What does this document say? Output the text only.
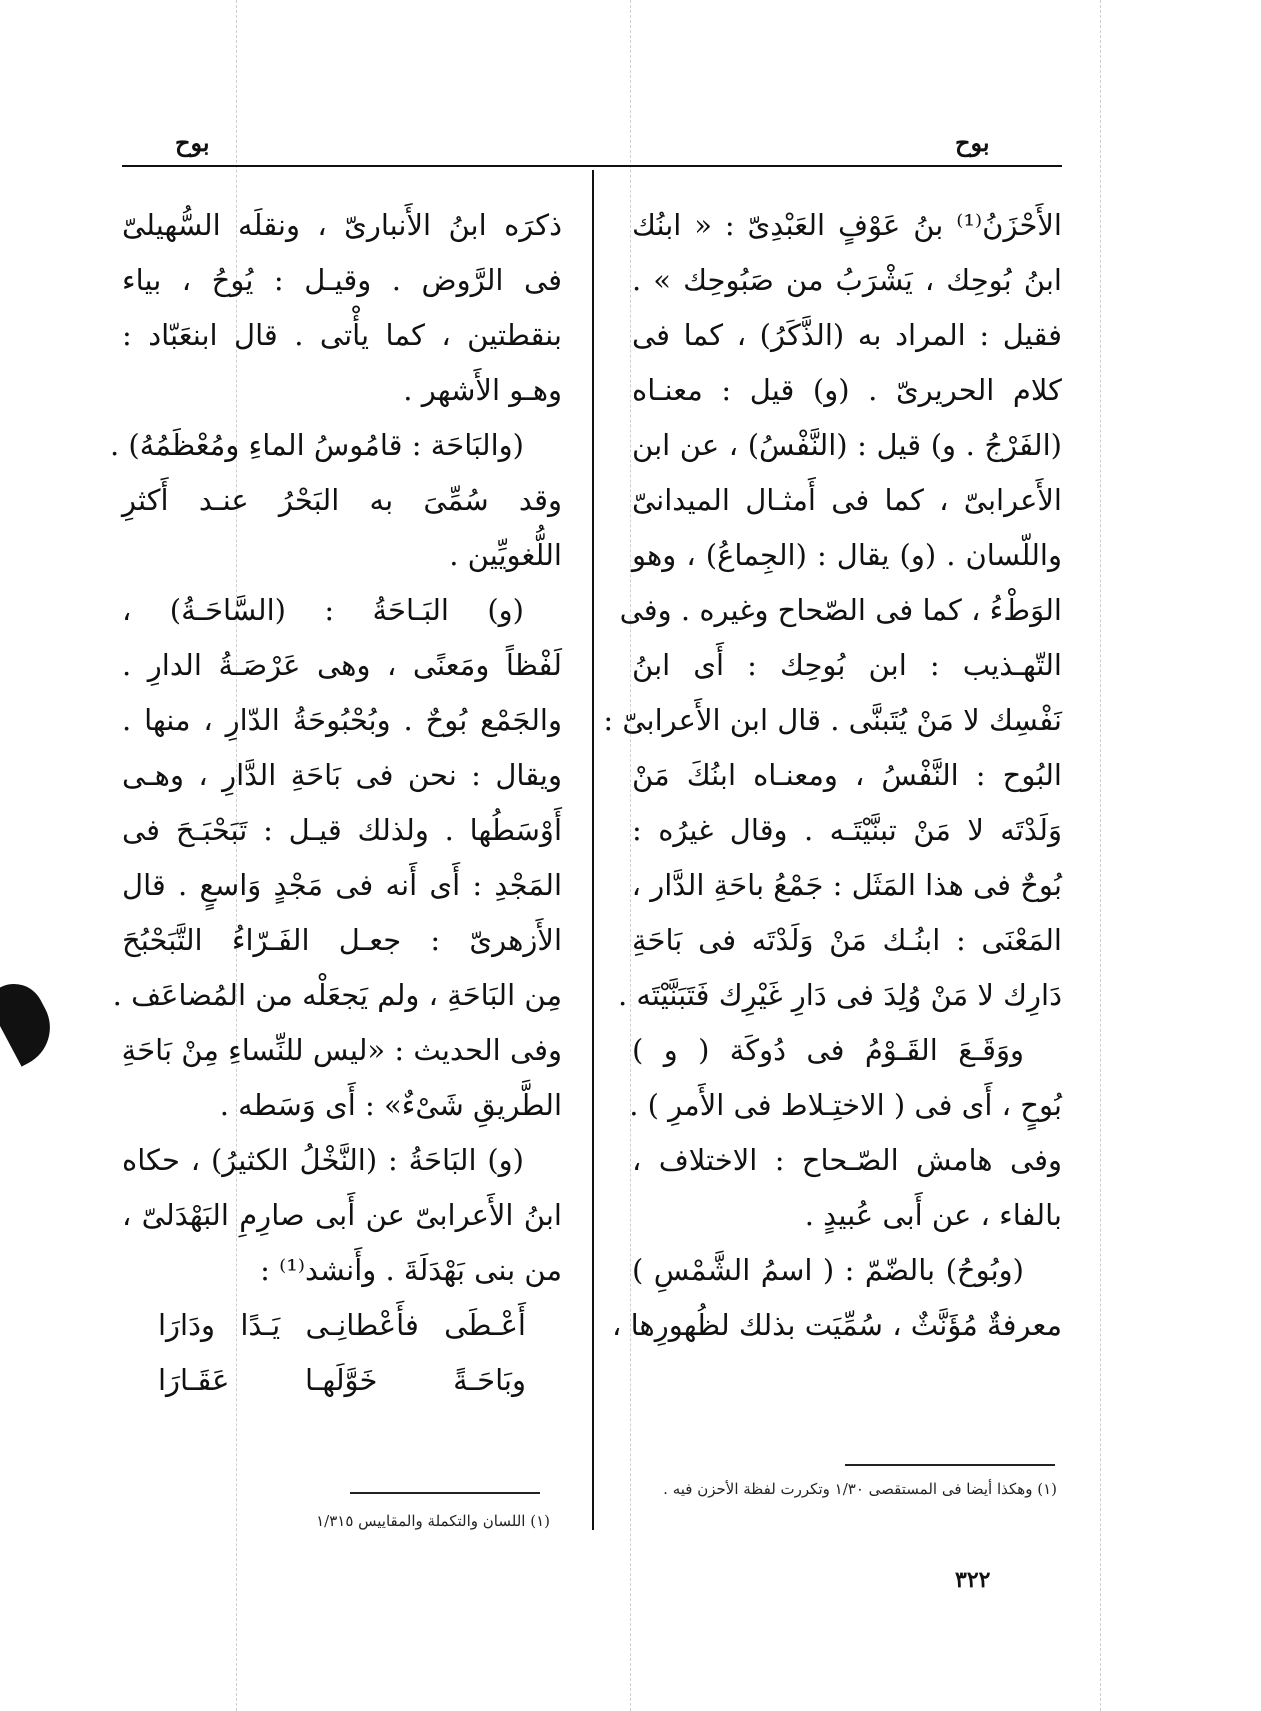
بوح	بوح
الأَحْزَنُ⁽¹⁾ بنُ عَوْفٍ العَبْدِىّ : « ابنُك
ابنُ بُوحِك ، يَشْرَبُ من صَبُوحِك » .
فقيل : المراد به (الذَّكَرُ) ، كما فى
كلام الحريرىّ . (و) قيل : معنـاه
(الفَرْجُ . و) قيل : (النَّفْسُ) ، عن ابن
الأَعرابىّ ، كما فى أَمثـال الميدانىّ
واللّسان . (و) يقال : (الجِماعُ) ، وهو
الوَطْءُ ، كما فى الصّحاح وغيره . وفى
التّهـذيب : ابن بُوحِك : أَى ابنُ
نَفْسِك لا مَنْ يُتَبنَّى . قال ابن الأَعرابىّ :
البُوح : النَّفْسُ ، ومعنـاه ابنُكَ مَنْ
وَلَدْتَه لا مَنْ تبنَّيْتَـه . وقال غيرُه :
بُوحٌ فى هذا المَثَل : جَمْعُ باحَةِ الدَّار ،
المَعْنَى : ابنُـك مَنْ وَلَدْتَه فى بَاحَةِ
دَارِك لا مَنْ وُلِدَ فى دَارِ غَيْرِك فَتَبَنَّيْتَه .
ووَقَـعَ القَـوْمُ فى دُوكَة ( و )
بُوحٍ ، أَى فى ( الاختِـلاط فى الأَمرِ ) .
وفى هامش الصّـحاح : الاختلاف ،
بالفاء ، عن أَبى عُبيدٍ .
(وبُوحُ) بالضّمّ : ( اسمُ الشَّمْسِ )
معرفةٌ مُؤَنَّثٌ ، سُمِّيَت بذلك لظُهورِها ،
ذكرَه ابنُ الأَنبارىّ ، ونقلَه السُّهيلىّ
فى الرَّوض . وقيـل : يُوحُ ، بياء
بنقطتين ، كما يأْتى . قال ابنعَبّاد :
وهـو الأَشهر .
(والبَاحَة : قامُوسُ الماءِ ومُعْظَمُهُ) .
وقد سُمِّىَ به البَحْرُ عنـد أَكثرِ
اللُّغويِّين .
(و) البَـاحَةُ : (السَّاحَـةُ) ،
لَفْظاً ومَعنًى ، وهى عَرْصَـةُ الدارِ .
والجَمْع بُوحٌ . وبُحْبُوحَةُ الدّارِ ، منها .
ويقال : نحن فى بَاحَةِ الدَّارِ ، وهـى
أَوْسَطُها . ولذلك قيـل : تَبَحْبَـحَ فى
المَجْدِ : أَى أَنه فى مَجْدٍ وَاسعٍ . قال
الأَزهرىّ : جعـل الفَـرّاءُ التَّبَحْبُحَ
مِن البَاحَةِ ، ولم يَجعَلْه من المُضاعَف .
وفى الحديث : «ليس للنِّساءِ مِنْ بَاحَةِ
الطَّريقِ شَىْءٌ» : أَى وَسَطه .
(و) البَاحَةُ : (النَّخْلُ الكثيرُ) ، حكاه
ابنُ الأَعرابىّ عن أَبى صارِمِ البَهْدَلىّ ،
من بنى بَهْدَلَةَ . وأَنشد⁽¹⁾ :
أَعْـطَى فأَعْطانِـى يَـدًا ودَارَا
وبَاحَـةً خَوَّلَهـا عَقَـارَا
(١) اللسان والتكملة والمقاييس ١/٣١٥
(١) وهكذا أيضا فى المستقصى ١/٣٠ وتكررت لفظة الأحزن فيه .
٣٢٢
